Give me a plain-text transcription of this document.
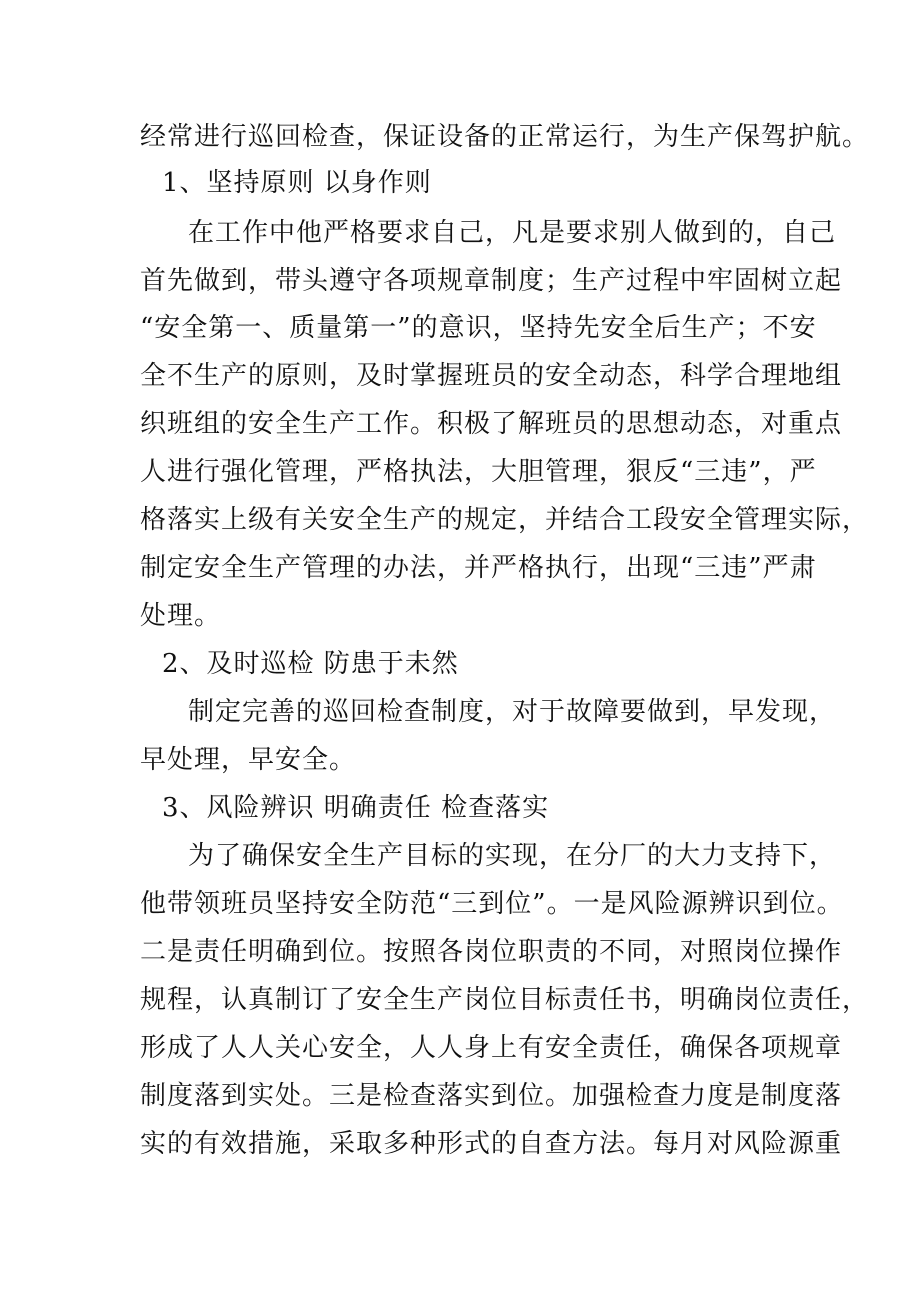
经常进行巡回检查，保证设备的正常运行，为生产保驾护航。
1、坚持原则 以身作则
在工作中他严格要求自己，凡是要求别人做到的，自己
首先做到，带头遵守各项规章制度；生产过程中牢固树立起
“安全第一、质量第一”的意识，坚持先安全后生产；不安
全不生产的原则，及时掌握班员的安全动态，科学合理地组
织班组的安全生产工作。积极了解班员的思想动态，对重点
人进行强化管理，严格执法，大胆管理，狠反“三违”，严
格落实上级有关安全生产的规定，并结合工段安全管理实际，
制定安全生产管理的办法，并严格执行，出现“三违”严肃
处理。
2、及时巡检 防患于未然
制定完善的巡回检查制度，对于故障要做到，早发现，
早处理，早安全。
3、风险辨识 明确责任 检查落实
为了确保安全生产目标的实现，在分厂的大力支持下，
他带领班员坚持安全防范“三到位”。一是风险源辨识到位。
二是责任明确到位。按照各岗位职责的不同，对照岗位操作
规程，认真制订了安全生产岗位目标责任书，明确岗位责任，
形成了人人关心安全，人人身上有安全责任，确保各项规章
制度落到实处。三是检查落实到位。加强检查力度是制度落
实的有效措施，采取多种形式的自查方法。每月对风险源重
